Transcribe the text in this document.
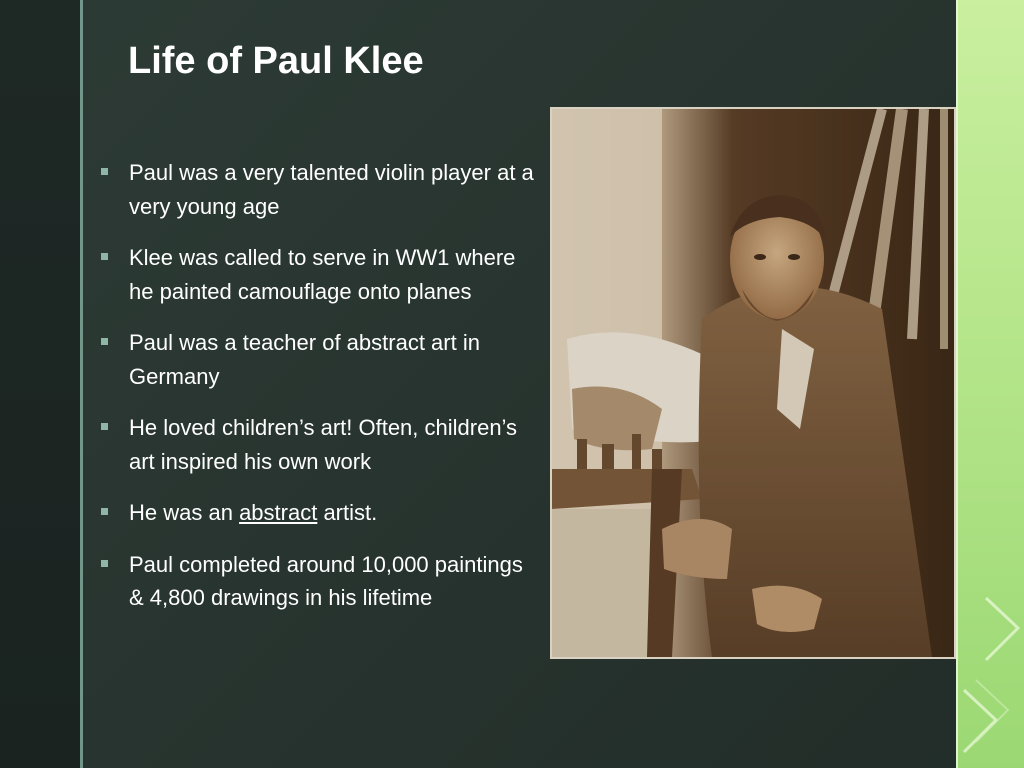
Life of Paul Klee
Paul was a very talented violin player at a very young age
Klee was called to serve in WW1 where he painted camouflage onto planes
Paul was a teacher of abstract art in Germany
He loved children’s art! Often, children’s art inspired his own work
He was an abstract artist.
Paul completed around 10,000 paintings & 4,800 drawings in his lifetime
